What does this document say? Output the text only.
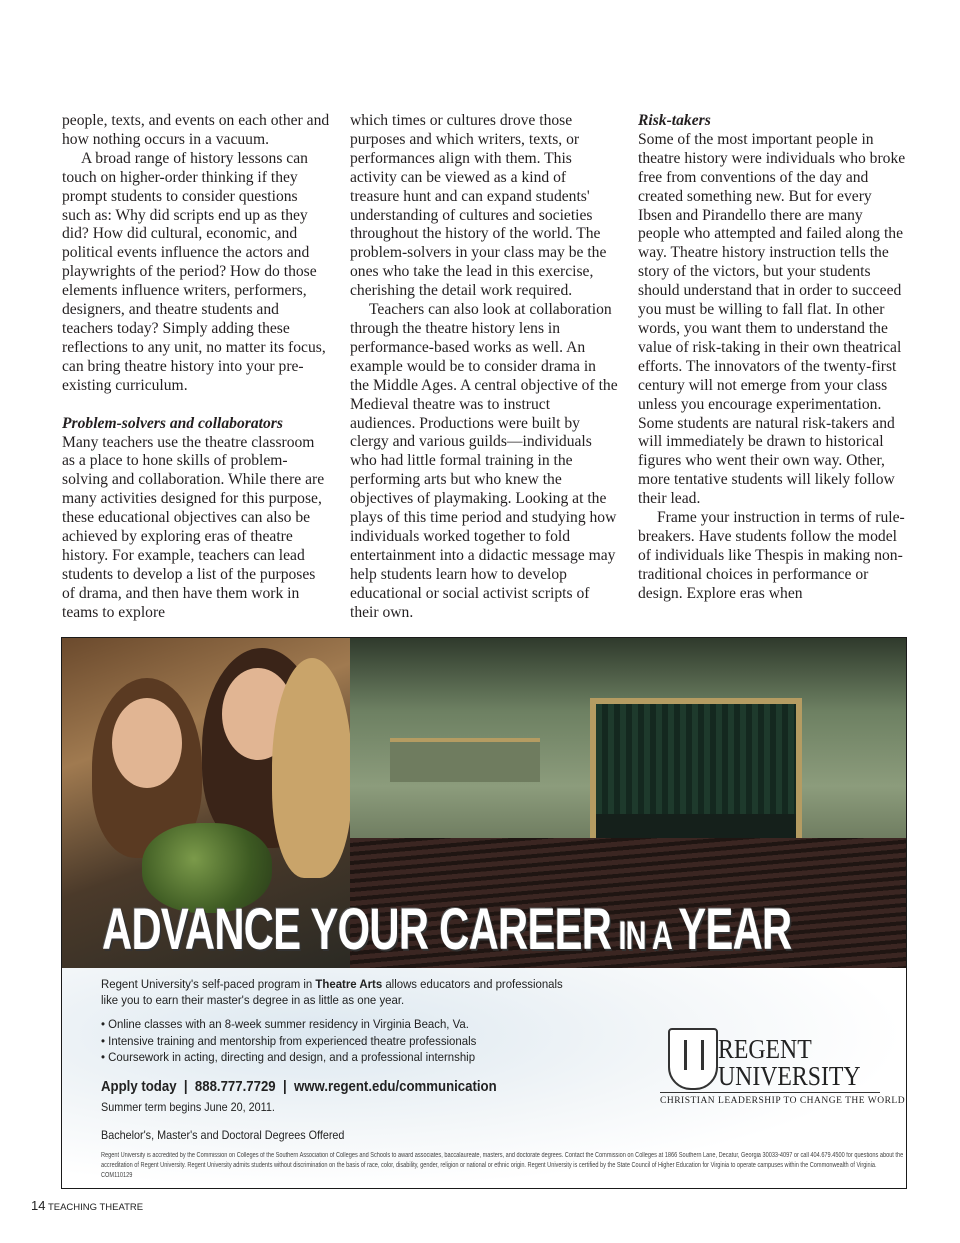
people, texts, and events on each other and how nothing occurs in a vacuum.

A broad range of history lessons can touch on higher-order thinking if they prompt students to consider questions such as: Why did scripts end up as they did? How did cultural, economic, and political events influence the actors and playwrights of the period? How do those elements influence writers, performers, designers, and theatre students and teachers today? Simply adding these reflections to any unit, no matter its focus, can bring theatre history into your pre-existing curriculum.

Problem-solvers and collaborators

Many teachers use the theatre classroom as a place to hone skills of problem-solving and collaboration. While there are many activities designed for this purpose, these educational objectives can also be achieved by exploring eras of theatre history. For example, teachers can lead students to develop a list of the purposes of drama, and then have them work in teams to explore

which times or cultures drove those purposes and which writers, texts, or performances align with them. This activity can be viewed as a kind of treasure hunt and can expand students' understanding of cultures and societies throughout the history of the world. The problem-solvers in your class may be the ones who take the lead in this exercise, cherishing the detail work required.

Teachers can also look at collaboration through the theatre history lens in performance-based works as well. An example would be to consider drama in the Middle Ages. A central objective of the Medieval theatre was to instruct audiences. Productions were built by clergy and various guilds—individuals who had little formal training in the performing arts but who knew the objectives of playmaking. Looking at the plays of this time period and studying how individuals worked together to fold entertainment into a didactic message may help students learn how to develop educational or social activist scripts of their own.

Risk-takers

Some of the most important people in theatre history were individuals who broke free from conventions of the day and created something new. But for every Ibsen and Pirandello there are many people who attempted and failed along the way. Theatre history instruction tells the story of the victors, but your students should understand that in order to succeed you must be willing to fall flat. In other words, you want them to understand the value of risk-taking in their own theatrical efforts. The innovators of the twenty-first century will not emerge from your class unless you encourage experimentation. Some students are natural risk-takers and will immediately be drawn to historical figures who went their own way. Other, more tentative students will likely follow their lead.

Frame your instruction in terms of rule-breakers. Have students follow the model of individuals like Thespis in making non-traditional choices in performance or design. Explore eras when

ADVANCE YOUR CAREER IN A YEAR
Regent University's self-paced program in Theatre Arts allows educators and professionals like you to earn their master's degree in as little as one year.
• Online classes with an 8-week summer residency in Virginia Beach, Va.
• Intensive training and mentorship from experienced theatre professionals
• Coursework in acting, directing and design, and a professional internship
Apply today  |  888.777.7729  |  www.regent.edu/communication
Summer term begins June 20, 2011.
Bachelor's, Master's and Doctoral Degrees Offered
Regent University is accredited by the Commission on Colleges of the Southern Association of Colleges and Schools to award associates, baccalaureate, masters, and doctorate degrees. Contact the Commission on Colleges at 1866 Southern Lane, Decatur, Georgia 30033-4097 or call 404.679.4500 for questions about the accreditation of Regent University. Regent University admits students without discrimination on the basis of race, color, disability, gender, religion or national or ethnic origin. Regent University is certified by the State Council of Higher Education for Virginia to operate campuses within the Commonwealth of Virginia. COM110129
REGENT
UNIVERSITY
CHRISTIAN LEADERSHIP TO CHANGE THE WORLD
14 TEACHING THEATRE
